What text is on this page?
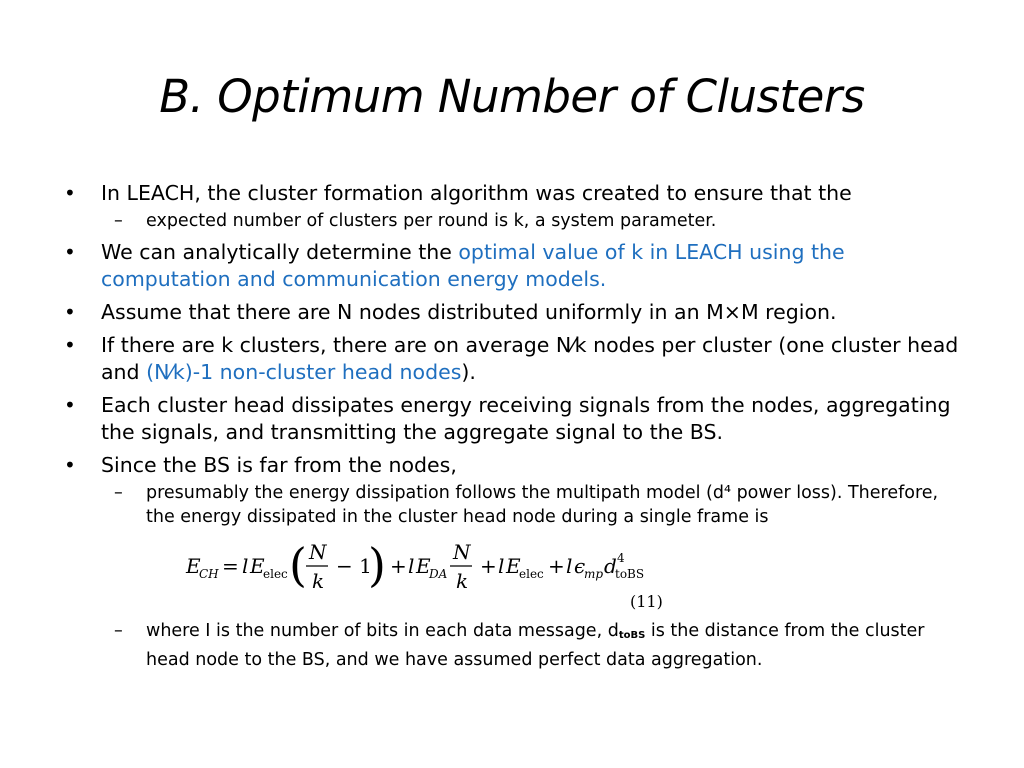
B. Optimum Number of Clusters
• In LEACH, the cluster formation algorithm was created to ensure that the
– expected number of clusters per round is k, a system parameter.
• We can analytically determine the optimal value of k in LEACH using the computation and communication energy models.
• Assume that there are N nodes distributed uniformly in an M×M region.
• If there are k clusters, there are on average N⁄k nodes per cluster (one cluster head and (N⁄k)-1 non-cluster head nodes).
• Each cluster head dissipates energy receiving signals from the nodes, aggregating the signals, and transmitting the aggregate signal to the BS.
• Since the BS is far from the nodes,
– presumably the energy dissipation follows the multipath model (d⁴ power loss). Therefore, the energy dissipated in the cluster head node during a single frame is
E
CH = l E
elec ( N
k
− 1
) + l E
DA
N
k
+ l E
elec + l ϵ
mp d 4
toBS
(11)
– where I is the number of bits in each data message, $d_{toBS}$ is the distance from the cluster head node to the BS, and we have assumed perfect data aggregation.
